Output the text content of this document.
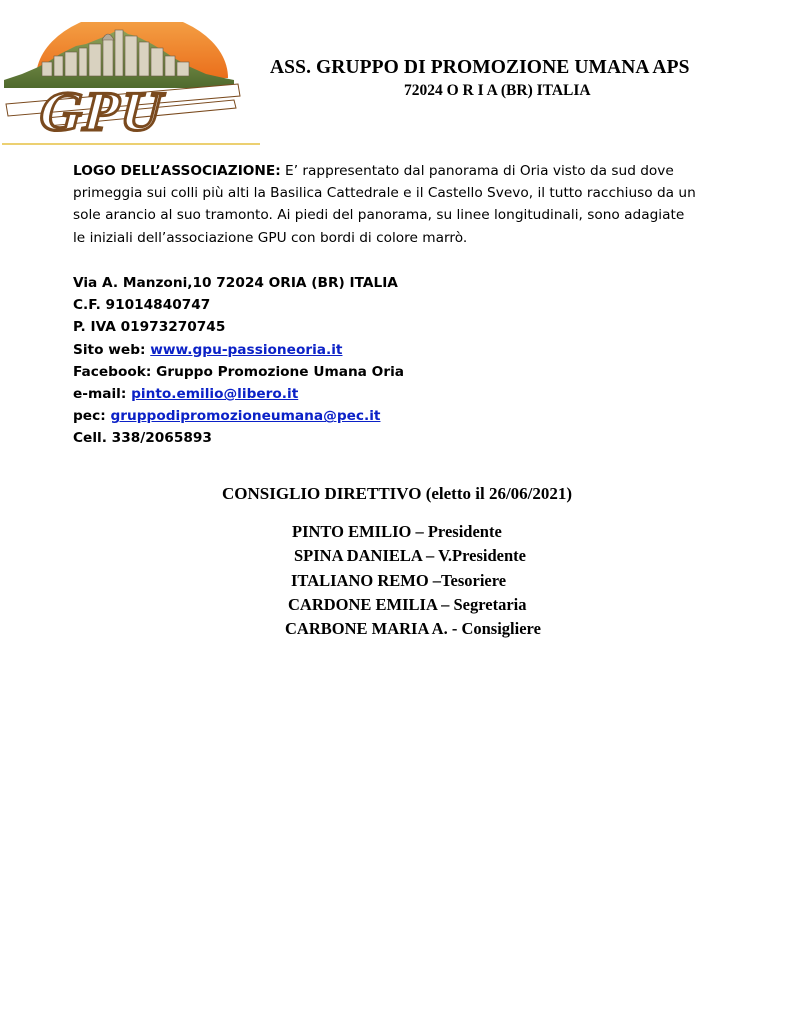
GPU
ASS. GRUPPO DI PROMOZIONE UMANA APS
72024 O R I A (BR) ITALIA
LOGO DELL’ASSOCIAZIONE: E’ rappresentato dal panorama di Oria visto da sud dove
primeggia sui colli più alti la Basilica Cattedrale e il Castello Svevo, il tutto racchiuso da un
sole arancio al suo tramonto. Ai piedi del panorama, su linee longitudinali, sono adagiate
le iniziali dell’associazione GPU con bordi di colore marrò.
Via A. Manzoni,10 72024 ORIA (BR) ITALIA
C.F. 91014840747
P. IVA 01973270745
Sito web: www.gpu-passioneoria.it
Facebook: Gruppo Promozione Umana Oria
e-mail: pinto.emilio@libero.it
pec: gruppodipromozioneumana@pec.it
Cell. 338/2065893
CONSIGLIO DIRETTIVO (eletto il 26/06/2021)
PINTO EMILIO – Presidente
SPINA DANIELA – V.Presidente
ITALIANO REMO –Tesoriere
CARDONE EMILIA – Segretaria
CARBONE MARIA A. - Consigliere
